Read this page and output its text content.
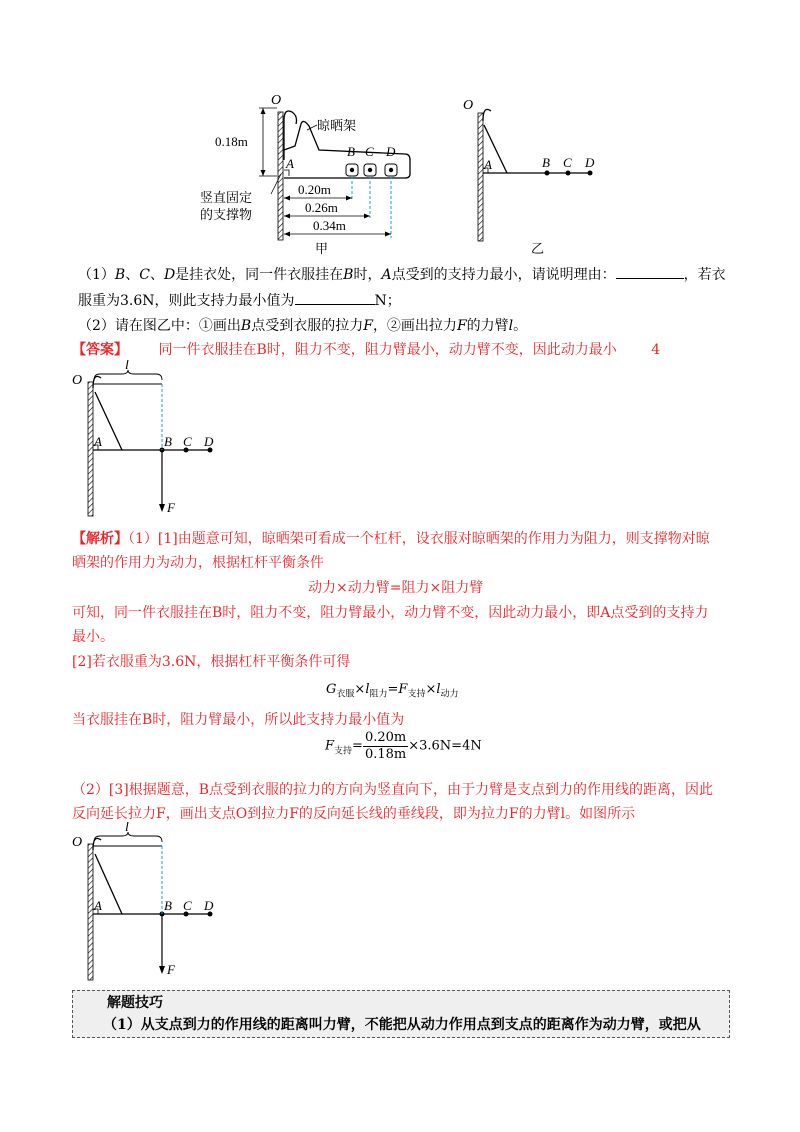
O
A
B C D
晾晒架
0.18m
竖直固定
的支撑物
0.20m
0.26m
0.34m
甲
O
A	B C D
乙
（1）B、C、D是挂衣处，同一件衣服挂在B时，A点受到的支持力最小，请说明理由：	，若衣
服重为3.6N，则此支持力最小值为	N；
（2）请在图乙中：①画出B点受到衣服的拉力F，②画出拉力F的力臂l。
【答案】 同一件衣服挂在B时，阻力不变，阻力臂最小，动力臂不变，因此动力最小 4
O
l
A	B C D
F
【解析】（1）[1]由题意可知，晾晒架可看成一个杠杆，设衣服对晾晒架的作用力为阻力，则支撑物对晾
晒架的作用力为动力，根据杠杆平衡条件
动力×动力臂=阻力×阻力臂
可知，同一件衣服挂在B时，阻力不变，阻力臂最小，动力臂不变，因此动力最小，即A点受到的支持力
最小。
[2]若衣服重为3.6N，根据杠杆平衡条件可得
$G_{衣服}\times l_{阻力}=F_{支持}\times l_{动力}$
当衣服挂在B时，阻力臂最小，所以此支持力最小值为
$F_{支持}= \frac{0.20m}{0.18m} \times 3.6N=4N$
（2）[3]根据题意，B点受到衣服的拉力的方向为竖直向下，由于力臂是支点到力的作用线的距离，因此
反向延长拉力F，画出支点O到拉力F的反向延长线的垂线段，即为拉力F的力臂l。如图所示
O
l
A	B C D
F
解题技巧
（1）从支点到力的作用线的距离叫力臂，不能把从动力作用点到支点的距离作为动力臂，或把从
